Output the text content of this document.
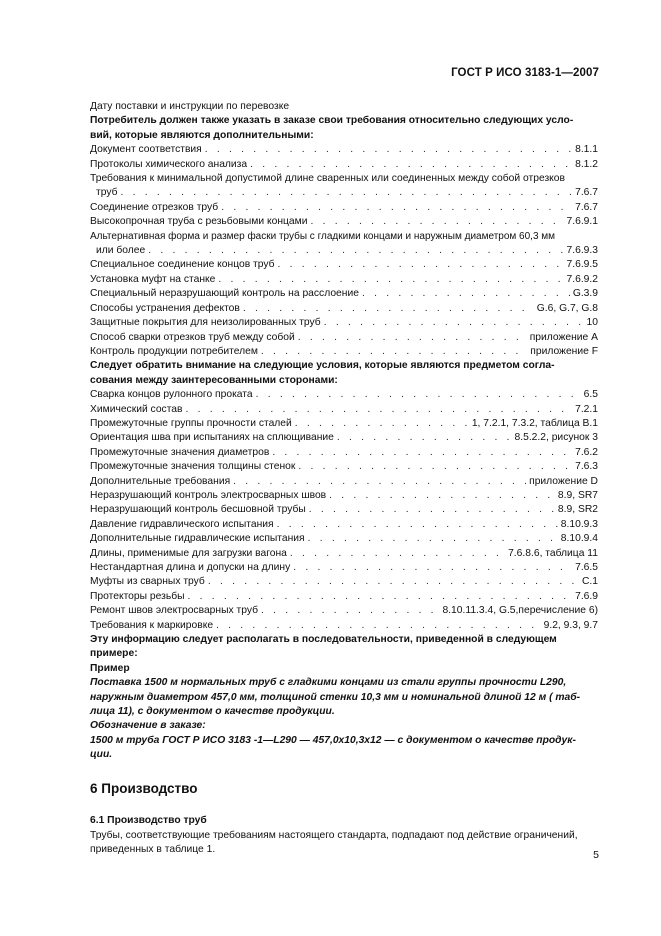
ГОСТ Р ИСО 3183-1—2007
Дату поставки и инструкции по перевозке
Потребитель должен также указать в заказе свои требования относительно следующих усло-
вий, которые являются дополнительными:
Документ соответствия . . .	8.1.1
Протоколы химического анализа . . .	8.1.2
Требования к минимальной допустимой длине сваренных или соединенных между собой отрезков
труб . . .	7.6.7
Соединение отрезков труб . . .	7.6.7
Высокопрочная труба с резьбовыми концами . . .	7.6.9.1
Альтернативная форма и размер фаски трубы с гладкими концами и наружным диаметром 60,3 мм
или более . . .	7.6.9.3
Специальное соединение концов труб . . .	7.6.9.5
Установка муфт на станке . . .	7.6.9.2
Специальный неразрушающий контроль на расслоение . . .	G.3.9
Способы устранения дефектов . . .	G.6, G.7, G.8
Защитные покрытия для неизолированных труб . . .	10
Способ сварки отрезков труб между собой . . .	приложение А
Контроль продукции потребителем . . .	приложение F
Следует обратить внимание на следующие условия, которые являются предметом согла-
сования между заинтересованными сторонами:
Сварка концов рулонного проката . . .	6.5
Химический состав . . .	7.2.1
Промежуточные группы прочности сталей . . .	1, 7.2.1, 7.3.2, таблица В.1
Ориентация шва при испытаниях на сплющивание . . .	8.5.2.2, рисунок 3
Промежуточные значения диаметров . . .	7.6.2
Промежуточные значения толщины стенок . . .	7.6.3
Дополнительные требования . . .	приложение D
Неразрушающий контроль электросварных швов . . .	8.9, SR7
Неразрушающий контроль бесшовной трубы . . .	8.9, SR2
Давление гидравлического испытания . . .	8.10.9.3
Дополнительные гидравлические испытания . . .	8.10.9.4
Длины, применимые для загрузки вагона . . .	7.6.8.6, таблица 11
Нестандартная длина и допуски на длину . . .	7.6.5
Муфты из сварных труб . . .	С.1
Протекторы резьбы . . .	7.6.9
Ремонт швов электросварных труб . . .	8.10.11.3.4, G.5,перечисление 6)
Требования к маркировке . . .	9.2, 9.3, 9.7
Эту информацию следует располагать в последовательности, приведенной в следующем
примере:
Пример
Поставка 1500 м нормальных труб с гладкими концами из стали группы прочности L290,
наружным диаметром 457,0 мм, толщиной стенки 10,3 мм и номинальной длиной 12 м ( таб-
лица 11), с документом о качестве продукции.
Обозначение в заказе:
1500 м труба ГОСТ Р ИСО 3183 -1—L290 — 457,0x10,3x12 — с документом о качестве продук-
ции.
6 Производство
6.1 Производство труб
Трубы, соответствующие требованиям настоящего стандарта, подпадают под действие ограничений,
приведенных в таблице 1.	5
